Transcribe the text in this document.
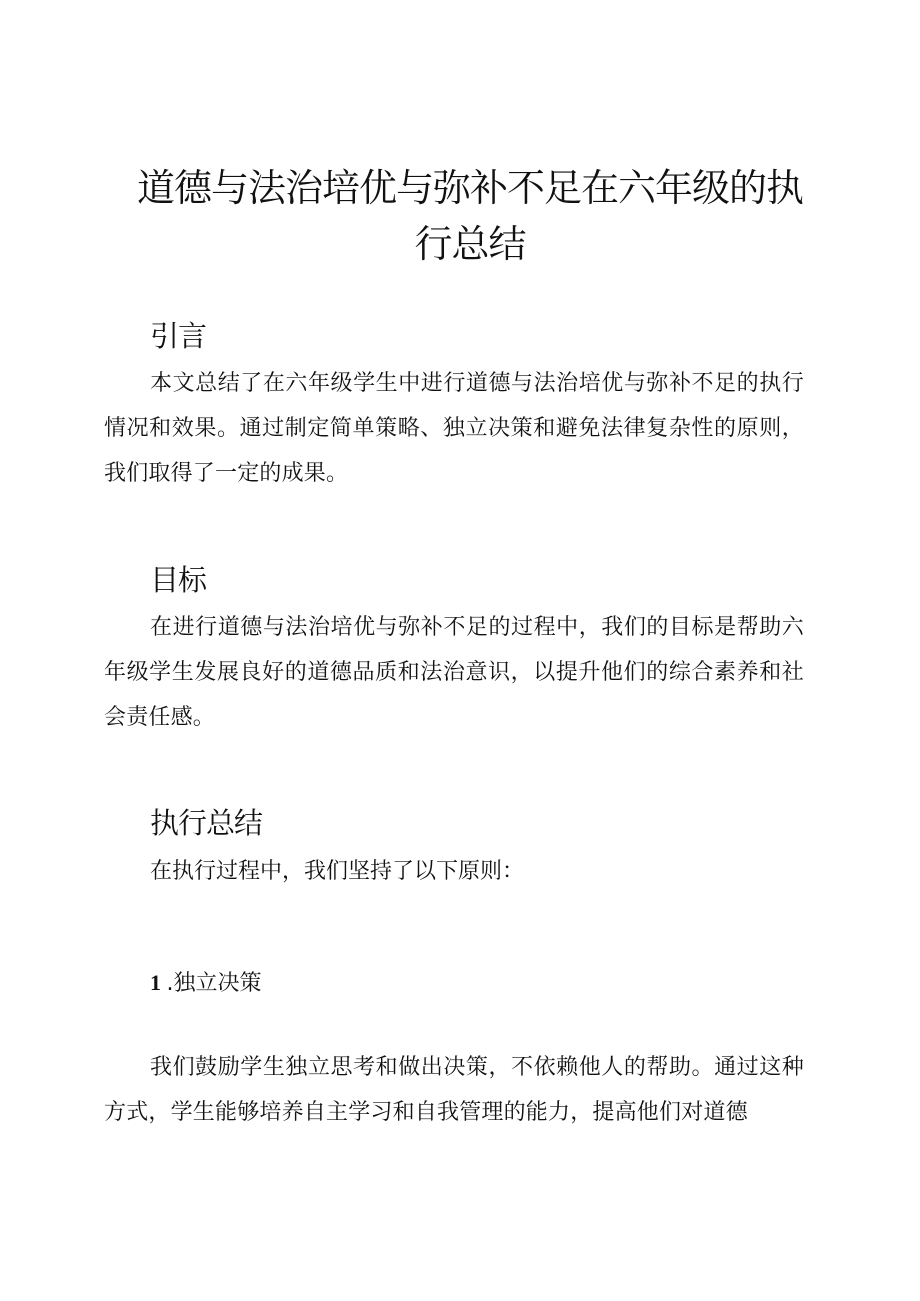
道德与法治培优与弥补不足在六年级的执行总结
引言

本文总结了在六年级学生中进行道德与法治培优与弥补不足的执行情况和效果。通过制定简单策略、独立决策和避免法律复杂性的原则，我们取得了一定的成果。

目标

在进行道德与法治培优与弥补不足的过程中，我们的目标是帮助六年级学生发展良好的道德品质和法治意识，以提升他们的综合素养和社会责任感。

执行总结

在执行过程中，我们坚持了以下原则：

1 .独立决策

我们鼓励学生独立思考和做出决策，不依赖他人的帮助。通过这种方式，学生能够培养自主学习和自我管理的能力，提高他们对道德
